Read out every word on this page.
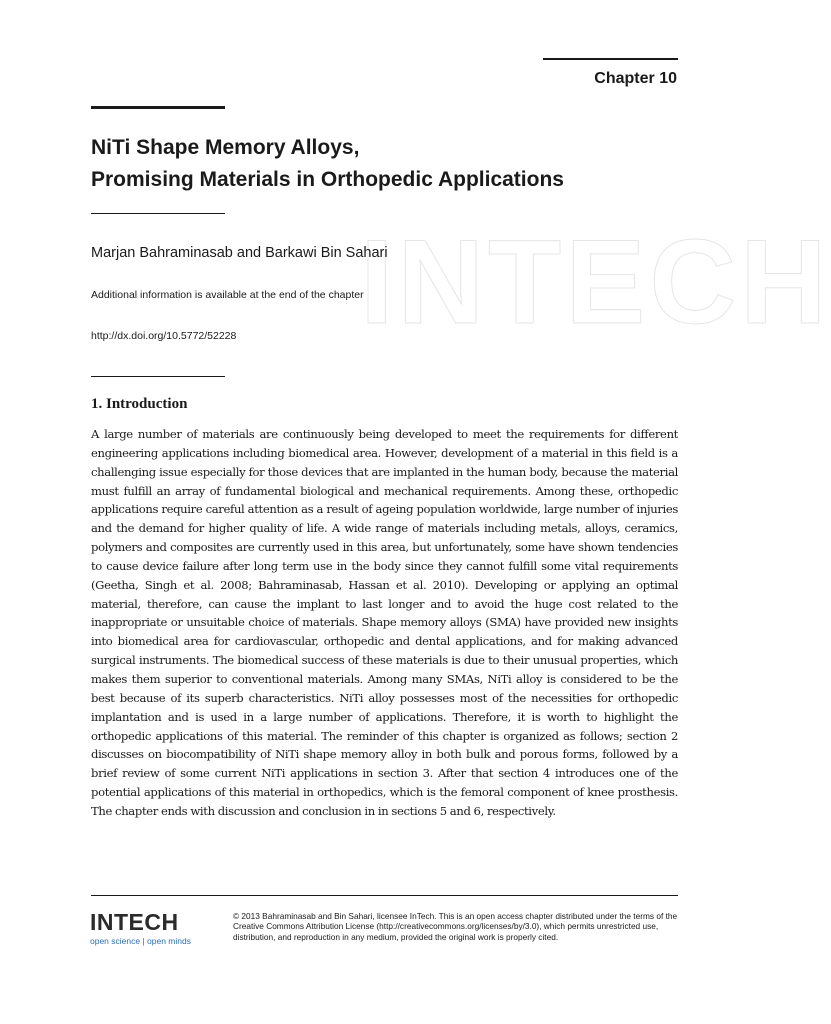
INTECH
Chapter 10
NiTi Shape Memory Alloys,
Promising Materials in Orthopedic Applications
Marjan Bahraminasab and Barkawi Bin Sahari
Additional information is available at the end of the chapter
http://dx.doi.org/10.5772/52228
1. Introduction

A large number of materials are continuously being developed to meet the requirements for different engineering applications including biomedical area. However, development of a material in this field is a challenging issue especially for those devices that are implanted in the human body, because the material must fulfill an array of fundamental biological and mechanical requirements. Among these, orthopedic applications require careful attention as a result of ageing population worldwide, large number of injuries and the demand for higher quality of life. A wide range of materials including metals, alloys, ceramics, polymers and composites are currently used in this area, but unfortunately, some have shown tendencies to cause device failure after long term use in the body since they cannot fulfill some vital requirements (Geetha, Singh et al. 2008; Bahraminasab, Hassan et al. 2010). Developing or applying an optimal material, therefore, can cause the implant to last longer and to avoid the huge cost related to the inappropriate or unsuitable choice of materials. Shape memory alloys (SMA) have provided new insights into biomedical area for cardiovascular, orthopedic and dental applications, and for making advanced surgical instruments. The biomedical success of these materials is due to their unusual properties, which makes them superior to conventional materials. Among many SMAs, NiTi alloy is considered to be the best because of its superb characteristics. NiTi alloy possesses most of the necessities for orthopedic implantation and is used in a large number of applications. Therefore, it is worth to highlight the orthopedic applications of this material. The reminder of this chapter is organized as follows; section 2 discusses on biocompatibility of NiTi shape memory alloy in both bulk and porous forms, followed by a brief review of some current NiTi applications in section 3. After that section 4 introduces one of the potential applications of this material in orthopedics, which is the femoral component of knee prosthesis. The chapter ends with discussion and conclusion in in sections 5 and 6, respectively.

INTECH
open science | open minds
© 2013 Bahraminasab and Bin Sahari, licensee InTech. This is an open access chapter distributed under the terms of the Creative Commons Attribution License (http://creativecommons.org/licenses/by/3.0), which permits unrestricted use, distribution, and reproduction in any medium, provided the original work is properly cited.
